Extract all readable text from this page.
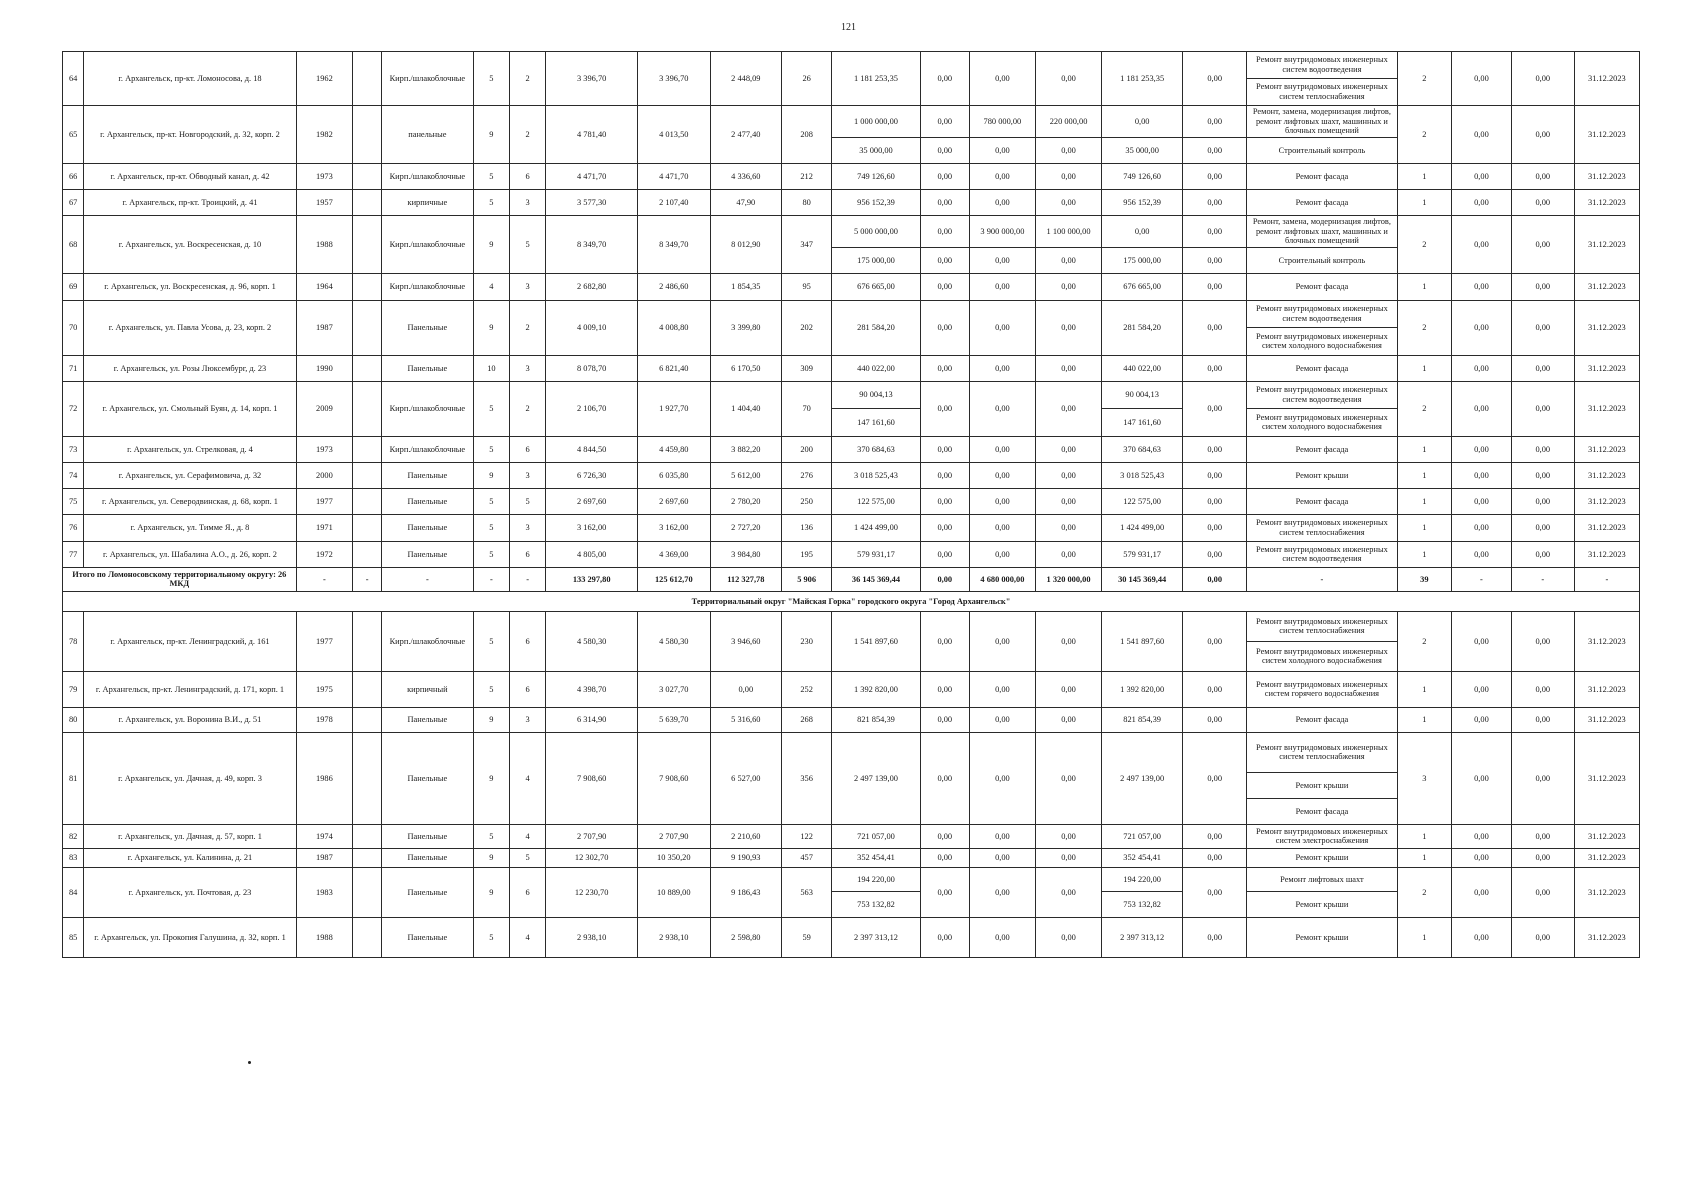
121
64	г. Архангельск, пр-кт. Ломоносова, д. 18	1962		Кирп./шлакоблочные	5	2	3 396,70	3 396,70	2 448,09	26	1 181 253,35	0,00	0,00	0,00	1 181 253,35	0,00	Ремонт внутридомовых инженерных систем водоотведения	2	0,00	0,00	31.12.2023
																	Ремонт внутридомовых инженерных систем теплоснабжения				
65	г. Архангельск, пр-кт. Новгородский, д. 32, корп. 2	1982		панельные	9	2	4 781,40	4 013,50	2 477,40	208	1 000 000,00	0,00	780 000,00	220 000,00	0,00	0,00	Ремонт, замена, модернизация лифтов, ремонт лифтовых шахт, машинных и блочных помещений	2	0,00	0,00	31.12.2023
											35 000,00	0,00	0,00	0,00	35 000,00	0,00	Строительный контроль				
66	г. Архангельск, пр-кт. Обводный канал, д. 42	1973		Кирп./шлакоблочные	5	6	4 471,70	4 471,70	4 336,60	212	749 126,60	0,00	0,00	0,00	749 126,60	0,00	Ремонт фасада	1	0,00	0,00	31.12.2023
67	г. Архангельск, пр-кт. Троицкий, д. 41	1957		кирпичные	5	3	3 577,30	2 107,40	47,90	80	956 152,39	0,00	0,00	0,00	956 152,39	0,00	Ремонт фасада	1	0,00	0,00	31.12.2023
68	г. Архангельск, ул. Воскресенская, д. 10	1988		Кирп./шлакоблочные	9	5	8 349,70	8 349,70	8 012,90	347	5 000 000,00	0,00	3 900 000,00	1 100 000,00	0,00	0,00	Ремонт, замена, модернизация лифтов, ремонт лифтовых шахт, машинных и блочных помещений	2	0,00	0,00	31.12.2023
											175 000,00	0,00	0,00	0,00	175 000,00	0,00	Строительный контроль				
69	г. Архангельск, ул. Воскресенская, д. 96, корп. 1	1964		Кирп./шлакоблочные	4	3	2 682,80	2 486,60	1 854,35	95	676 665,00	0,00	0,00	0,00	676 665,00	0,00	Ремонт фасада	1	0,00	0,00	31.12.2023
70	г. Архангельск, ул. Павла Усова, д. 23, корп. 2	1987		Панельные	9	2	4 009,10	4 008,80	3 399,80	202	281 584,20	0,00	0,00	0,00	281 584,20	0,00	Ремонт внутридомовых инженерных систем водоотведения	2	0,00	0,00	31.12.2023
																	Ремонт внутридомовых инженерных систем холодного водоснабжения				
71	г. Архангельск, ул. Розы Люксембург, д. 23	1990		Панельные	10	3	8 078,70	6 821,40	6 170,50	309	440 022,00	0,00	0,00	0,00	440 022,00	0,00	Ремонт фасада	1	0,00	0,00	31.12.2023
72	г. Архангельск, ул. Смольный Буян, д. 14, корп. 1	2009		Кирп./шлакоблочные	5	2	2 106,70	1 927,70	1 404,40	70	90 004,13	0,00	0,00	0,00	90 004,13	0,00	Ремонт внутридомовых инженерных систем водоотведения	2	0,00	0,00	31.12.2023
											147 161,60				147 161,60		Ремонт внутридомовых инженерных систем холодного водоснабжения				
73	г. Архангельск, ул. Стрелковая, д. 4	1973		Кирп./шлакоблочные	5	6	4 844,50	4 459,80	3 882,20	200	370 684,63	0,00	0,00	0,00	370 684,63	0,00	Ремонт фасада	1	0,00	0,00	31.12.2023
74	г. Архангельск, ул. Серафимовича, д. 32	2000		Панельные	9	3	6 726,30	6 035,80	5 612,00	276	3 018 525,43	0,00	0,00	0,00	3 018 525,43	0,00	Ремонт крыши	1	0,00	0,00	31.12.2023
75	г. Архангельск, ул. Северодвинская, д. 68, корп. 1	1977		Панельные	5	5	2 697,60	2 697,60	2 780,20	250	122 575,00	0,00	0,00	0,00	122 575,00	0,00	Ремонт фасада	1	0,00	0,00	31.12.2023
76	г. Архангельск, ул. Тимме Я., д. 8	1971		Панельные	5	3	3 162,00	3 162,00	2 727,20	136	1 424 499,00	0,00	0,00	0,00	1 424 499,00	0,00	Ремонт внутридомовых инженерных систем теплоснабжения	1	0,00	0,00	31.12.2023
77	г. Архангельск, ул. Шабалина А.О., д. 26, корп. 2	1972		Панельные	5	6	4 805,00	4 369,00	3 984,80	195	579 931,17	0,00	0,00	0,00	579 931,17	0,00	Ремонт внутридомовых инженерных систем водоотведения	1	0,00	0,00	31.12.2023
Итого по Ломоносовскому территориальному округу: 26 МКД		-	-	-	-	-	133 297,80	125 612,70	112 327,78	5 906	36 145 369,44	0,00	4 680 000,00	1 320 000,00	30 145 369,44	0,00	-	39	-	-	-
Территориальный округ "Майская Горка" городского округа "Город Архангельск"																					
78	г. Архангельск, пр-кт. Ленинградский, д. 161	1977		Кирп./шлакоблочные	5	6	4 580,30	4 580,30	3 946,60	230	1 541 897,60	0,00	0,00	0,00	1 541 897,60	0,00	Ремонт внутридомовых инженерных систем теплоснабжения	2	0,00	0,00	31.12.2023
																	Ремонт внутридомовых инженерных систем холодного водоснабжения				
79	г. Архангельск, пр-кт. Ленинградский, д. 171, корп. 1	1975		кирпичный	5	6	4 398,70	3 027,70	0,00	252	1 392 820,00	0,00	0,00	0,00	1 392 820,00	0,00	Ремонт внутридомовых инженерных систем горячего водоснабжения	1	0,00	0,00	31.12.2023
80	г. Архангельск, ул. Воронина В.И., д. 51	1978		Панельные	9	3	6 314,90	5 639,70	5 316,60	268	821 854,39	0,00	0,00	0,00	821 854,39	0,00	Ремонт фасада	1	0,00	0,00	31.12.2023
81	г. Архангельск, ул. Дачная, д. 49, корп. 3	1986		Панельные	9	4	7 908,60	7 908,60	6 527,00	356	2 497 139,00	0,00	0,00	0,00	2 497 139,00	0,00	Ремонт внутридомовых инженерных систем теплоснабжения	3	0,00	0,00	31.12.2023
																	Ремонт крыши				
																	Ремонт фасада				
82	г. Архангельск, ул. Дачная, д. 57, корп. 1	1974		Панельные	5	4	2 707,90	2 707,90	2 210,60	122	721 057,00	0,00	0,00	0,00	721 057,00	0,00	Ремонт внутридомовых инженерных систем электроснабжения	1	0,00	0,00	31.12.2023
83	г. Архангельск, ул. Калинина, д. 21	1987		Панельные	9	5	12 302,70	10 350,20	9 190,93	457	352 454,41	0,00	0,00	0,00	352 454,41	0,00	Ремонт крыши	1	0,00	0,00	31.12.2023
84	г. Архангельск, ул. Почтовая, д. 23	1983		Панельные	9	6	12 230,70	10 889,00	9 186,43	563	194 220,00	0,00	0,00	0,00	194 220,00	0,00	Ремонт лифтовых шахт	2	0,00	0,00	31.12.2023
											753 132,82				753 132,82		Ремонт крыши				
85	г. Архангельск, ул. Прокопия Галушина, д. 32, корп. 1	1988		Панельные	5	4	2 938,10	2 938,10	2 598,80	59	2 397 313,12	0,00	0,00	0,00	2 397 313,12	0,00	Ремонт крыши	1	0,00	0,00	31.12.2023
